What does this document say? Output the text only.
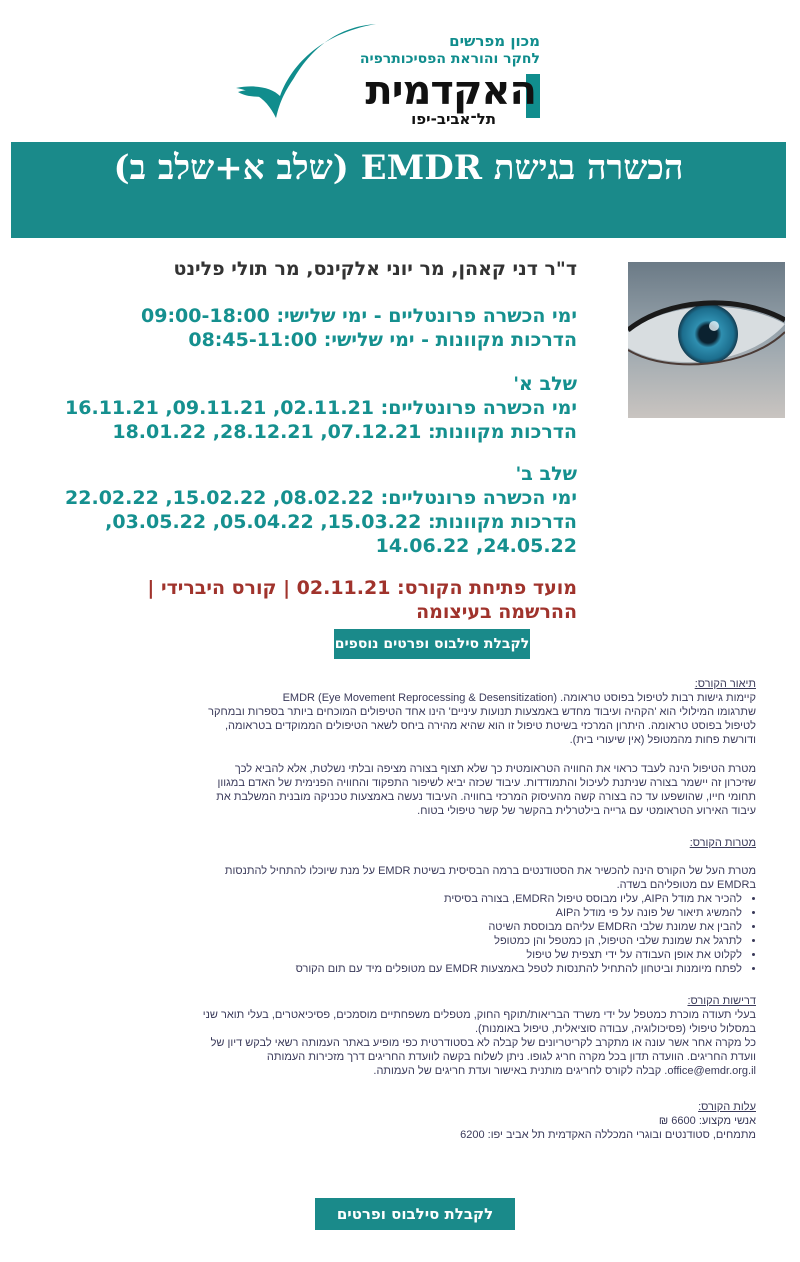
מכון מפרשים
לחקר והוראת הפסיכותרפיה
האקדמית
תל־אביב-יפו
הכשרה בגישת EMDR (שלב א+שלב ב)
ד"ר דני קאהן, מר יוני אלקינס, מר תולי פלינט
ימי הכשרה פרונטליים - ימי שלישי: 09:00-18:00
הדרכות מקוונות - ימי שלישי: 08:45-11:00
שלב א'
ימי הכשרה פרונטליים: 02.11.21, 09.11.21, 16.11.21
הדרכות מקוונות: 07.12.21, 28.12.21, 18.01.22
שלב ב'
ימי הכשרה פרונטליים: 08.02.22, 15.02.22, 22.02.22
הדרכות מקוונות: 15.03.22, 05.04.22, 03.05.22, 24.05.22, 14.06.22
מועד פתיחת הקורס: 02.11.21 | קורס היברידי |
ההרשמה בעיצומה
לקבלת סילבוס ופרטים נוספים

תיאור הקורס:

קיימות גישות רבות לטיפול בפוסט טראומה. EMDR (Eye Movement Reprocessing & Desensitization)

שתרגומו המילולי הוא 'הקהיה ועיבוד מחדש באמצעות תנועות עיניים' הינו אחד הטיפולים המוכחים ביותר בספרות ובמחקר

לטיפול בפוסט טראומה. היתרון המרכזי בשיטת טיפול זו הוא שהיא מהירה ביחס לשאר הטיפולים הממוקדים בטראומה,

ודורשת פחות מהמטופל (אין שיעורי בית).

מטרת הטיפול הינה לעבד כראוי את החוויה הטראומטית כך שלא תצוף בצורה מציפה ובלתי נשלטת, אלא להביא לכך

שזיכרון זה יישמר בצורה שניתנת לעיכול והתמודדות. עיבוד שכזה יביא לשיפור התפקוד והחוויה הפנימית של האדם במגוון

תחומי חייו, שהושפעו עד כה בצורה קשה מהעיסוק המרכזי בחוויה. העיבוד נעשה באמצעות טכניקה מובנית המשלבת את

עיבוד האירוע הטראומטי עם גרייה בילטרלית בהקשר של קשר טיפולי בטוח.

מטרות הקורס:

מטרת העל של הקורס הינה להכשיר את הסטודנטים ברמה הבסיסית בשיטת EMDR על מנת שיוכלו להתחיל להתנסות

בEMDR עם מטופליהם בשדה.

• להכיר את מודל הAIP, עליו מבוסס טיפול הEMDR, בצורה בסיסית
• להמשיג תיאור של פונה על פי מודל הAIP
• להבין את שמונת שלבי הEMDR עליהם מבוססת השיטה
• לתרגל את שמונת שלבי הטיפול, הן כמטפל והן כמטופל
• לקלוט את אופן העבודה על ידי תצפית של טיפול
• לפתח מיומנות וביטחון להתחיל להתנסות לטפל באמצעות EMDR עם מטופלים מיד עם תום הקורס

דרישות הקורס:

בעלי תעודה מוכרת כמטפל על ידי משרד הבריאות/תוקף החוק, מטפלים משפחתיים מוסמכים, פסיכיאטרים, בעלי תואר שני

במסלול טיפולי (פסיכולוגיה, עבודה סוציאלית, טיפול באומנות).

כל מקרה אחר אשר עונה או מתקרב לקריטריונים של קבלה לא בסטודרטית כפי מופיע באתר העמותה רשאי לבקש דיון של

וועדת החריגים. הוועדה תדון בכל מקרה חריג לגופו. ניתן לשלוח בקשה לוועדת החריגים דרך מזכירות העמותה

office@emdr.org.il. קבלה לקורס לחריגים מותנית באישור ועדת חריגים של העמותה.

עלות הקורס:

אנשי מקצוע: 6600 ₪

מתמחים, סטודנטים ובוגרי המכללה האקדמית תל אביב יפו: 6200

לקבלת סילבוס ופרטים נוספים
